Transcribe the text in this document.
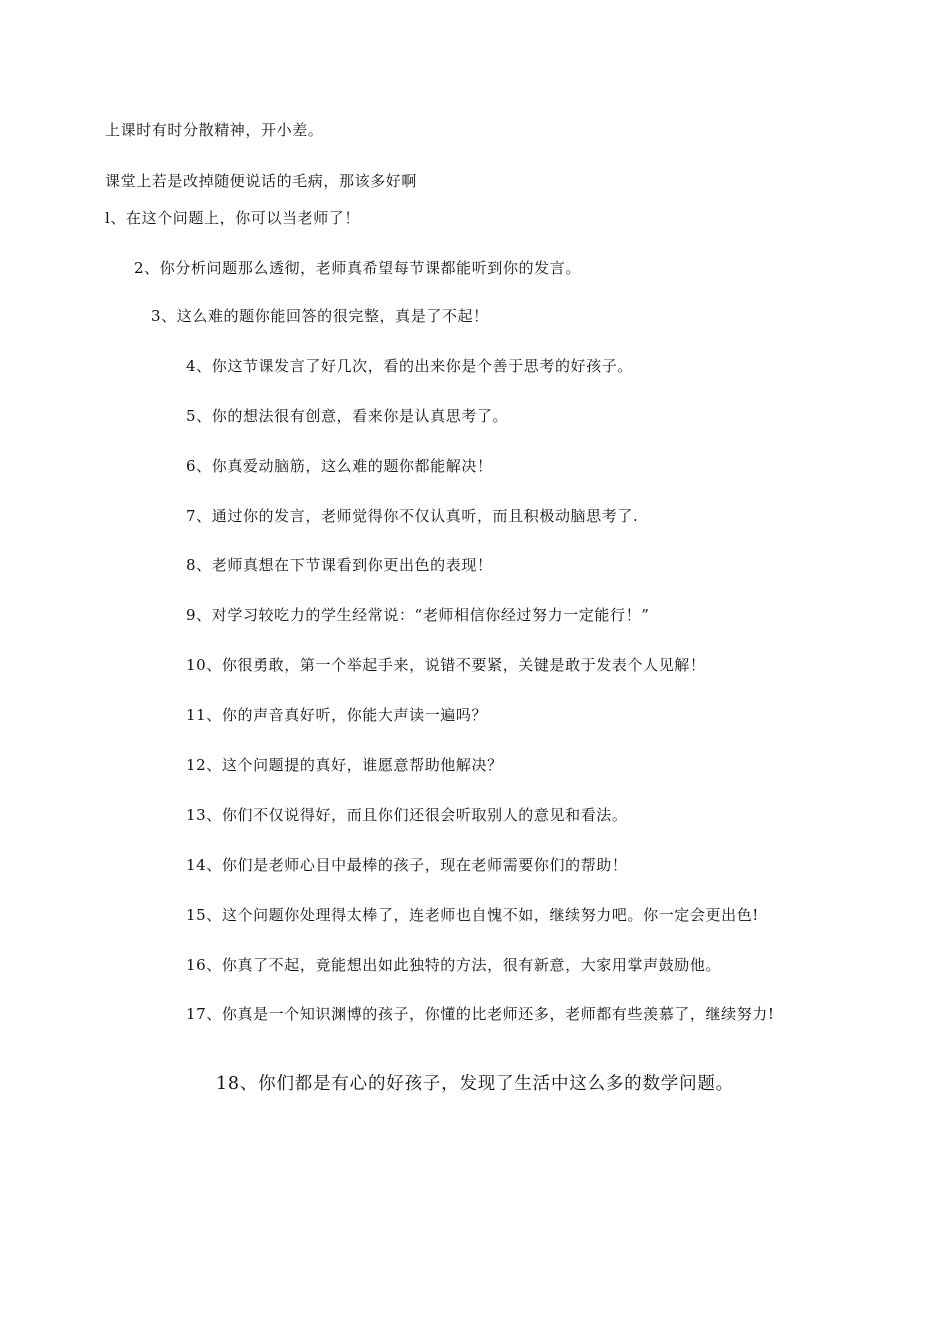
上课时有时分散精神，开小差。

课堂上若是改掉随便说话的毛病，那该多好啊

l、在这个问题上，你可以当老师了！

2、你分析问题那么透彻，老师真希望每节课都能听到你的发言。

3、这么难的题你能回答的很完整，真是了不起！

4、你这节课发言了好几次，看的出来你是个善于思考的好孩子。

5、你的想法很有创意，看来你是认真思考了。

6、你真爱动脑筋，这么难的题你都能解决！

7、通过你的发言，老师觉得你不仅认真听，而且积极动脑思考了.

8、老师真想在下节课看到你更出色的表现！

9、对学习较吃力的学生经常说：“老师相信你经过努力一定能行！”

10、你很勇敢，第一个举起手来，说错不要紧，关键是敢于发表个人见解！

11、你的声音真好听，你能大声读一遍吗？

12、这个问题提的真好，谁愿意帮助他解决？

13、你们不仅说得好，而且你们还很会听取别人的意见和看法。

14、你们是老师心目中最棒的孩子，现在老师需要你们的帮助！

15、这个问题你处理得太棒了，连老师也自愧不如，继续努力吧。你一定会更出色!

16、你真了不起，竟能想出如此独特的方法，很有新意，大家用掌声鼓励他。

17、你真是一个知识渊博的孩子，你懂的比老师还多，老师都有些羡慕了，继续努力!

18、你们都是有心的好孩子，发现了生活中这么多的数学问题。
